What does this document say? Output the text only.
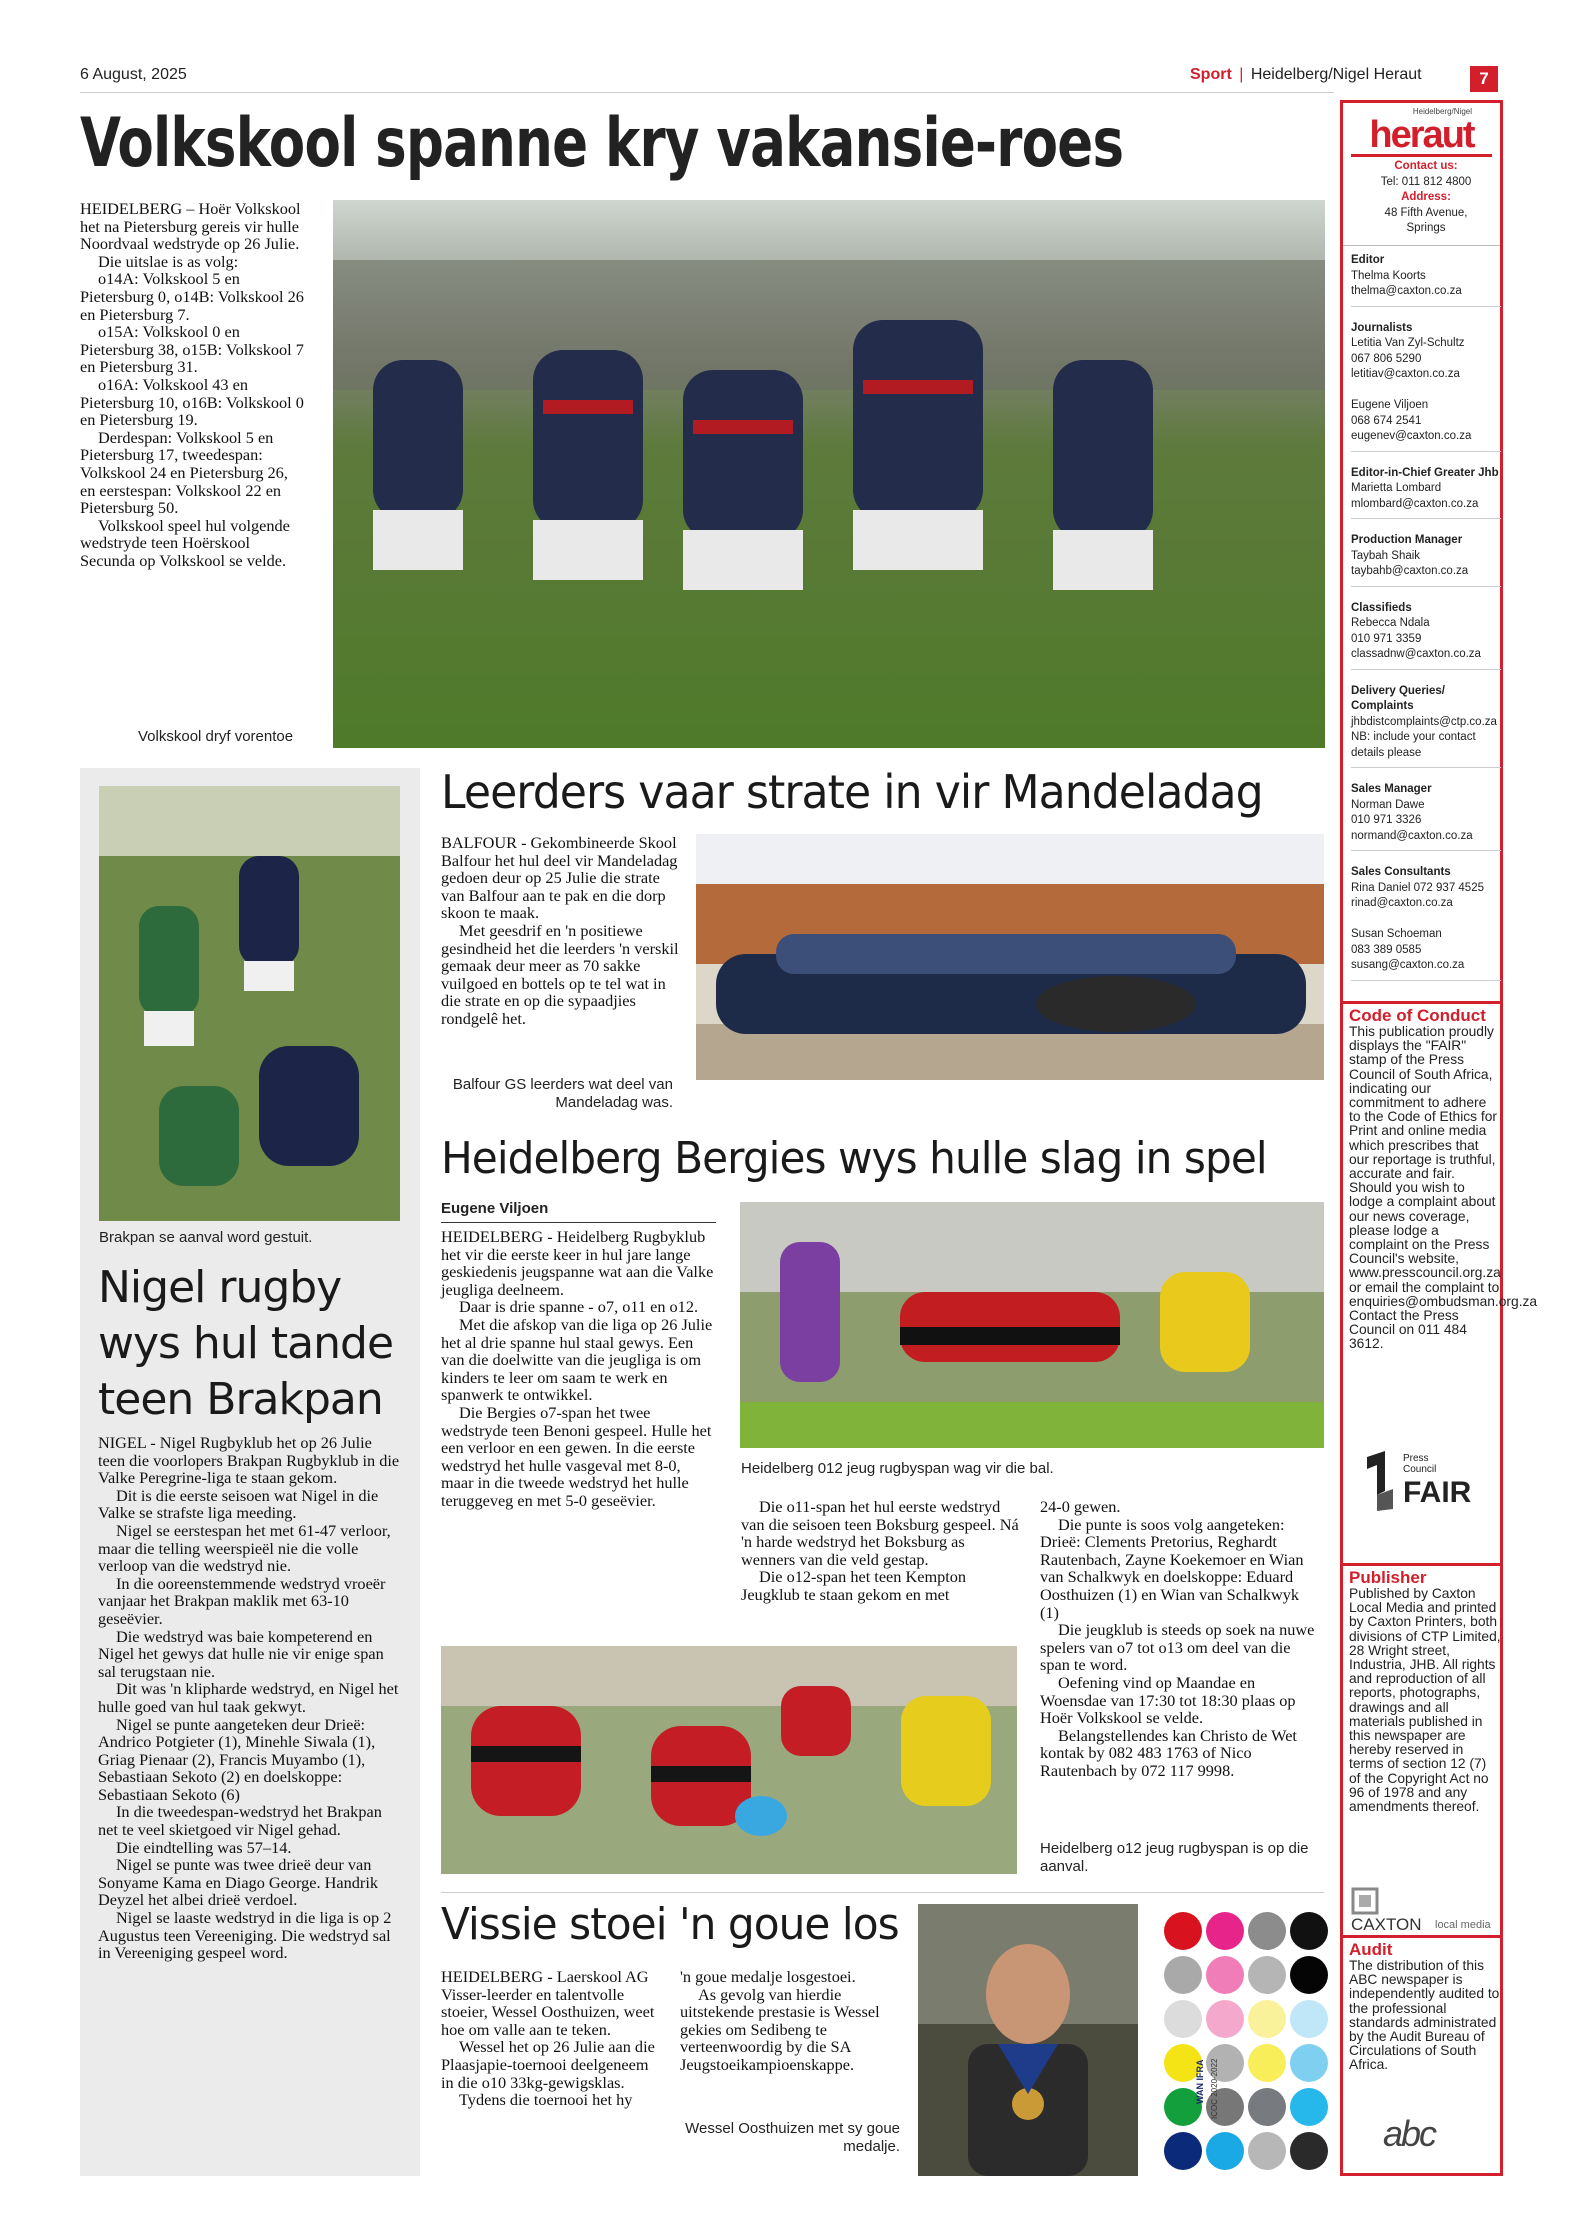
6 August, 2025	Sport | Heidelberg/Nigel Heraut	7
Volkskool spanne kry vakansie-roes

HEIDELBERG – Hoër Volkskool het na Pietersburg gereis vir hulle Noordvaal wedstryde op 26 Julie.

Die uitslae is as volg:

o14A: Volkskool 5 en Pietersburg 0, o14B: Volkskool 26 en Pietersburg 7.

o15A: Volkskool 0 en Pietersburg 38, o15B: Volkskool 7 en Pietersburg 31.

o16A: Volkskool 43 en Pietersburg 10, o16B: Volkskool 0 en Pietersburg 19.

Derdespan: Volkskool 5 en Pietersburg 17, tweedespan: Volkskool 24 en Pietersburg 26, en eerstespan: Volkskool 22 en Pietersburg 50.

Volkskool speel hul volgende wedstryde teen Hoërskool Secunda op Volkskool se velde.

Volkskool dryf vorentoe
Brakpan se aanval word gestuit.
Nigel rugby
wys hul tande
teen Brakpan

NIGEL - Nigel Rugbyklub het op 26 Julie teen die voorlopers Brakpan Rugbyklub in die Valke Peregrine-liga te staan gekom.

Dit is die eerste seisoen wat Nigel in die Valke se strafste liga meeding.

Nigel se eerstespan het met 61-47 verloor, maar die telling weerspieël nie die volle verloop van die wedstryd nie.

In die ooreenstemmende wedstryd vroeër vanjaar het Brakpan maklik met 63-10 geseëvier.

Die wedstryd was baie kompeterend en Nigel het gewys dat hulle nie vir enige span sal terugstaan nie.

Dit was 'n klipharde wedstryd, en Nigel het hulle goed van hul taak gekwyt.

Nigel se punte aangeteken deur Drieë: Andrico Potgieter (1), Minehle Siwala (1), Griag Pienaar (2), Francis Muyambo (1), Sebastiaan Sekoto (2) en doelskoppe: Sebastiaan Sekoto (6)

In die tweedespan-wedstryd het Brakpan net te veel skietgoed vir Nigel gehad.

Die eindtelling was 57–14.

Nigel se punte was twee drieë deur van Sonyame Kama en Diago George. Handrik Deyzel het albei drieë verdoel.

Nigel se laaste wedstryd in die liga is op 2 Augustus teen Vereeniging. Die wedstryd sal in Vereeniging gespeel word.

Leerders vaar strate in vir Mandeladag

BALFOUR - Gekombineerde Skool Balfour het hul deel vir Mandeladag gedoen deur op 25 Julie die strate van Balfour aan te pak en die dorp skoon te maak.

Met geesdrif en 'n positiewe gesindheid het die leerders 'n verskil gemaak deur meer as 70 sakke vuilgoed en bottels op te tel wat in die strate en op die sypaadjies rondgelê het.

Balfour GS leerders wat deel van Mandeladag was.
Heidelberg Bergies wys hulle slag in spel
Eugene Viljoen

HEIDELBERG - Heidelberg Rugbyklub het vir die eerste keer in hul jare lange geskiedenis jeugspanne wat aan die Valke jeugliga deelneem.

Daar is drie spanne - o7, o11 en o12.

Met die afskop van die liga op 26 Julie het al drie spanne hul staal gewys. Een van die doelwitte van die jeugliga is om kinders te leer om saam te werk en spanwerk te ontwikkel.

Die Bergies o7-span het twee wedstryde teen Benoni gespeel. Hulle het een verloor en een gewen. In die eerste wedstryd het hulle vasgeval met 8-0, maar in die tweede wedstryd het hulle teruggeveg en met 5-0 geseëvier.

Heidelberg 012 jeug rugbyspan wag vir die bal.

Die o11-span het hul eerste wedstryd van die seisoen teen Boksburg gespeel. Ná 'n harde wedstryd het Boksburg as wenners van die veld gestap.

Die o12-span het teen Kempton Jeugklub te staan gekom en met

24-0 gewen.

Die punte is soos volg aangeteken: Drieë: Clements Pretorius, Reghardt Rautenbach, Zayne Koekemoer en Wian van Schalkwyk en doelskoppe: Eduard Oosthuizen (1) en Wian van Schalkwyk (1)

Die jeugklub is steeds op soek na nuwe spelers van o7 tot o13 om deel van die span te word.

Oefening vind op Maandae en Woensdae van 17:30 tot 18:30 plaas op Hoër Volkskool se velde.

Belangstellendes kan Christo de Wet kontak by 082 483 1763 of Nico Rautenbach by 072 117 9998.

Heidelberg o12 jeug rugbyspan is op die aanval.
Vissie stoei 'n goue los

HEIDELBERG - Laerskool AG Visser-leerder en talentvolle stoeier, Wessel Oosthuizen, weet hoe om valle aan te teken.

Wessel het op 26 Julie aan die Plaasjapie-toernooi deelgeneem in die o10 33kg-gewigsklas.

Tydens die toernooi het hy

'n goue medalje losgestoei.

As gevolg van hierdie uitstekende prestasie is Wessel gekies om Sedibeng te verteenwoordig by die SA Jeugstoeikampioenskappe.

Wessel Oosthuizen met sy goue medalje.
WAN IFRA ICOC 2020-2022
Heidelberg/Nigel
heraut
Contact us:
Tel: 011 812 4800
Address:
48 Fifth Avenue,
Springs
Editor
Thelma Koorts
thelma@caxton.co.za
Journalists
Letitia Van Zyl-Schultz
067 806 5290
letitiav@caxton.co.za
Eugene Viljoen
068 674 2541
eugenev@caxton.co.za
Editor-in-Chief Greater Jhb
Marietta Lombard
mlombard@caxton.co.za
Production Manager
Taybah Shaik
taybahb@caxton.co.za
Classifieds
Rebecca Ndala
010 971 3359
classadnw@caxton.co.za
Delivery Queries/ Complaints
jhbdistcomplaints@ctp.co.za
NB: include your contact details please
Sales Manager
Norman Dawe
010 971 3326
normand@caxton.co.za
Sales Consultants
Rina Daniel 072 937 4525
rinad@caxton.co.za
Susan Schoeman
083 389 0585
susang@caxton.co.za
Code of Conduct
This publication proudly displays the "FAIR" stamp of the Press Council of South Africa, indicating our commitment to adhere to the Code of Ethics for Print and online media which prescribes that our reportage is truthful, accurate and fair. Should you wish to lodge a complaint about our news coverage, please lodge a complaint on the Press Council's website, www.presscouncil.org.za or email the complaint to enquiries@ombudsman.org.za Contact the Press Council on 011 484 3612.
Press Council
FAIR
Publisher
Published by Caxton Local Media and printed by Caxton Printers, both divisions of CTP Limited, 28 Wright street, Industria, JHB. All rights and reproduction of all reports, photographs, drawings and all materials published in this newspaper are hereby reserved in terms of section 12 (7) of the Copyright Act no 96 of 1978 and any amendments thereof.
CAXTON local media
Audit
The distribution of this ABC newspaper is independently audited to the professional standards administrated by the Audit Bureau of Circulations of South Africa.
abc
